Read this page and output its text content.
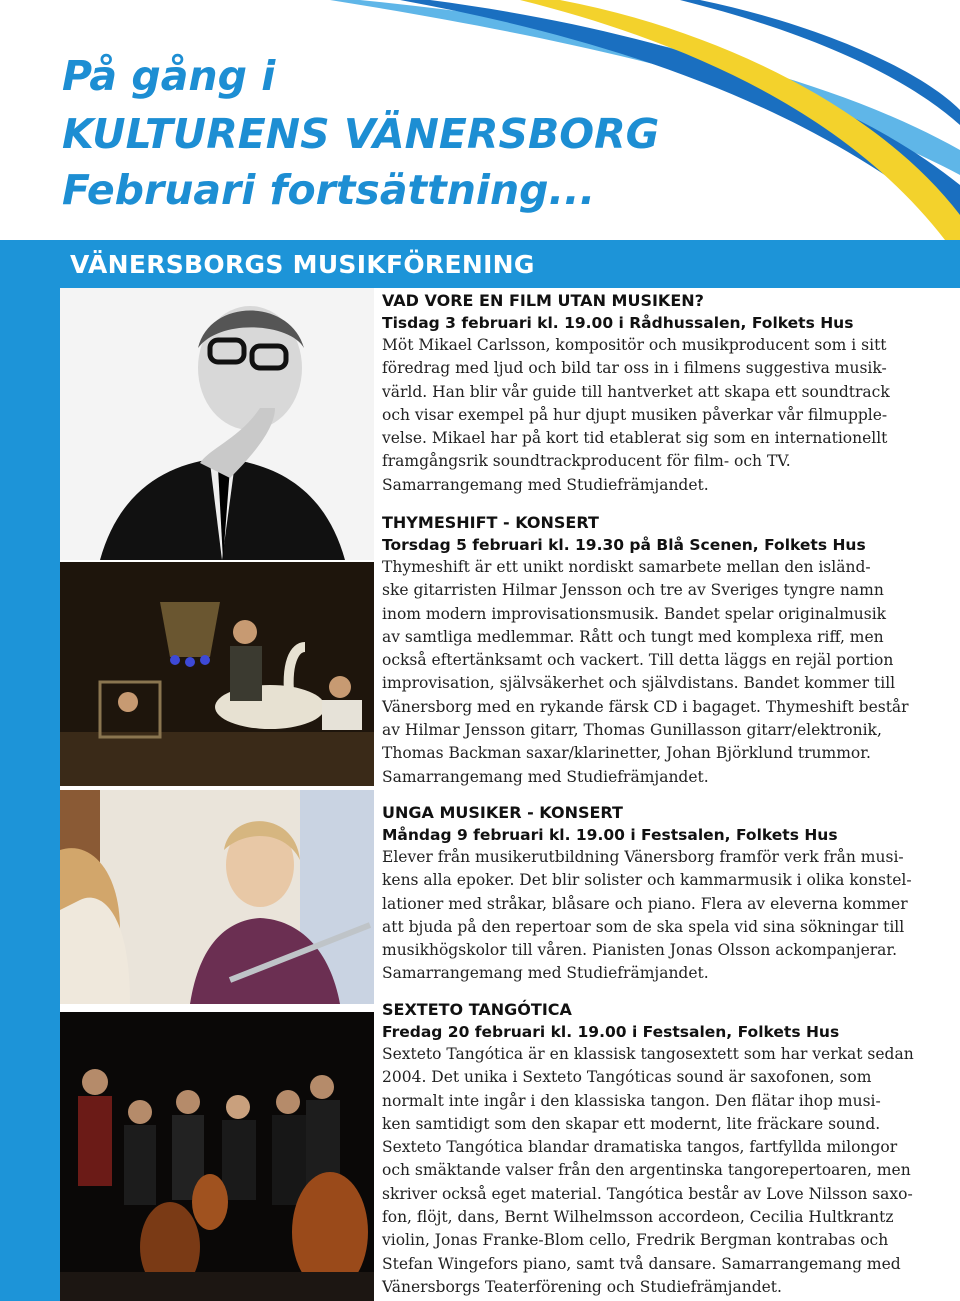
På gång i
KULTURENS VÄNERSBORG
Februari fortsättning...
VÄNERSBORGS MUSIKFÖRENING
VAD VORE EN FILM UTAN MUSIKEN?
Tisdag 3 februari kl. 19.00 i Rådhussalen, Folkets Hus

Möt Mikael Carlsson, kompositör och musikproducent som i sitt
föredrag med ljud och bild tar oss in i filmens suggestiva musik-
värld. Han blir vår guide till hantverket att skapa ett soundtrack
och visar exempel på hur djupt musiken påverkar vår filmupple-
velse. Mikael har på kort tid etablerat sig som en internationellt
framgångsrik soundtrackproducent för film- och TV.
Samarrangemang med Studiefrämjandet.

THYMESHIFT - KONSERT
Torsdag 5 februari kl. 19.30 på Blå Scenen, Folkets Hus

Thymeshift är ett unikt nordiskt samarbete mellan den isländ-
ske gitarristen Hilmar Jensson och tre av Sveriges tyngre namn
inom modern improvisationsmusik. Bandet spelar originalmusik
av samtliga medlemmar. Rått och tungt med komplexa riff, men
också eftertänksamt och vackert. Till detta läggs en rejäl portion
improvisation, självsäkerhet och självdistans. Bandet kommer till
Vänersborg med en rykande färsk CD i bagaget. Thymeshift består
av Hilmar Jensson gitarr, Thomas Gunillasson gitarr/elektronik,
Thomas Backman saxar/klarinetter, Johan Björklund trummor.
Samarrangemang med Studiefrämjandet.

UNGA MUSIKER - KONSERT
Måndag 9 februari kl. 19.00 i Festsalen, Folkets Hus

Elever från musikerutbildning Vänersborg framför verk från musi-
kens alla epoker. Det blir solister och kammarmusik i olika konstel-
lationer med stråkar, blåsare och piano. Flera av eleverna kommer
att bjuda på den repertoar som de ska spela vid sina sökningar till
musikhögskolor till våren. Pianisten Jonas Olsson ackompanjerar.
Samarrangemang med Studiefrämjandet.

SEXTETO TANGÓTICA
Fredag 20 februari kl. 19.00 i Festsalen, Folkets Hus

Sexteto Tangótica är en klassisk tangosextett som har verkat sedan
2004. Det unika i Sexteto Tangóticas sound är saxofonen, som
normalt inte ingår i den klassiska tangon. Den flätar ihop musi-
ken samtidigt som den skapar ett modernt, lite fräckare sound.
Sexteto Tangótica blandar dramatiska tangos, fartfyllda milongor
och smäktande valser från den argentinska tangorepertoaren, men
skriver också eget material. Tangótica består av Love Nilsson saxo-
fon, flöjt, dans, Bernt Wilhelmsson accordeon, Cecilia Hultkrantz
violin, Jonas Franke-Blom cello, Fredrik Bergman kontrabas och
Stefan Wingefors piano, samt två dansare. Samarrangemang med
Vänersborgs Teaterförening och Studiefrämjandet.
